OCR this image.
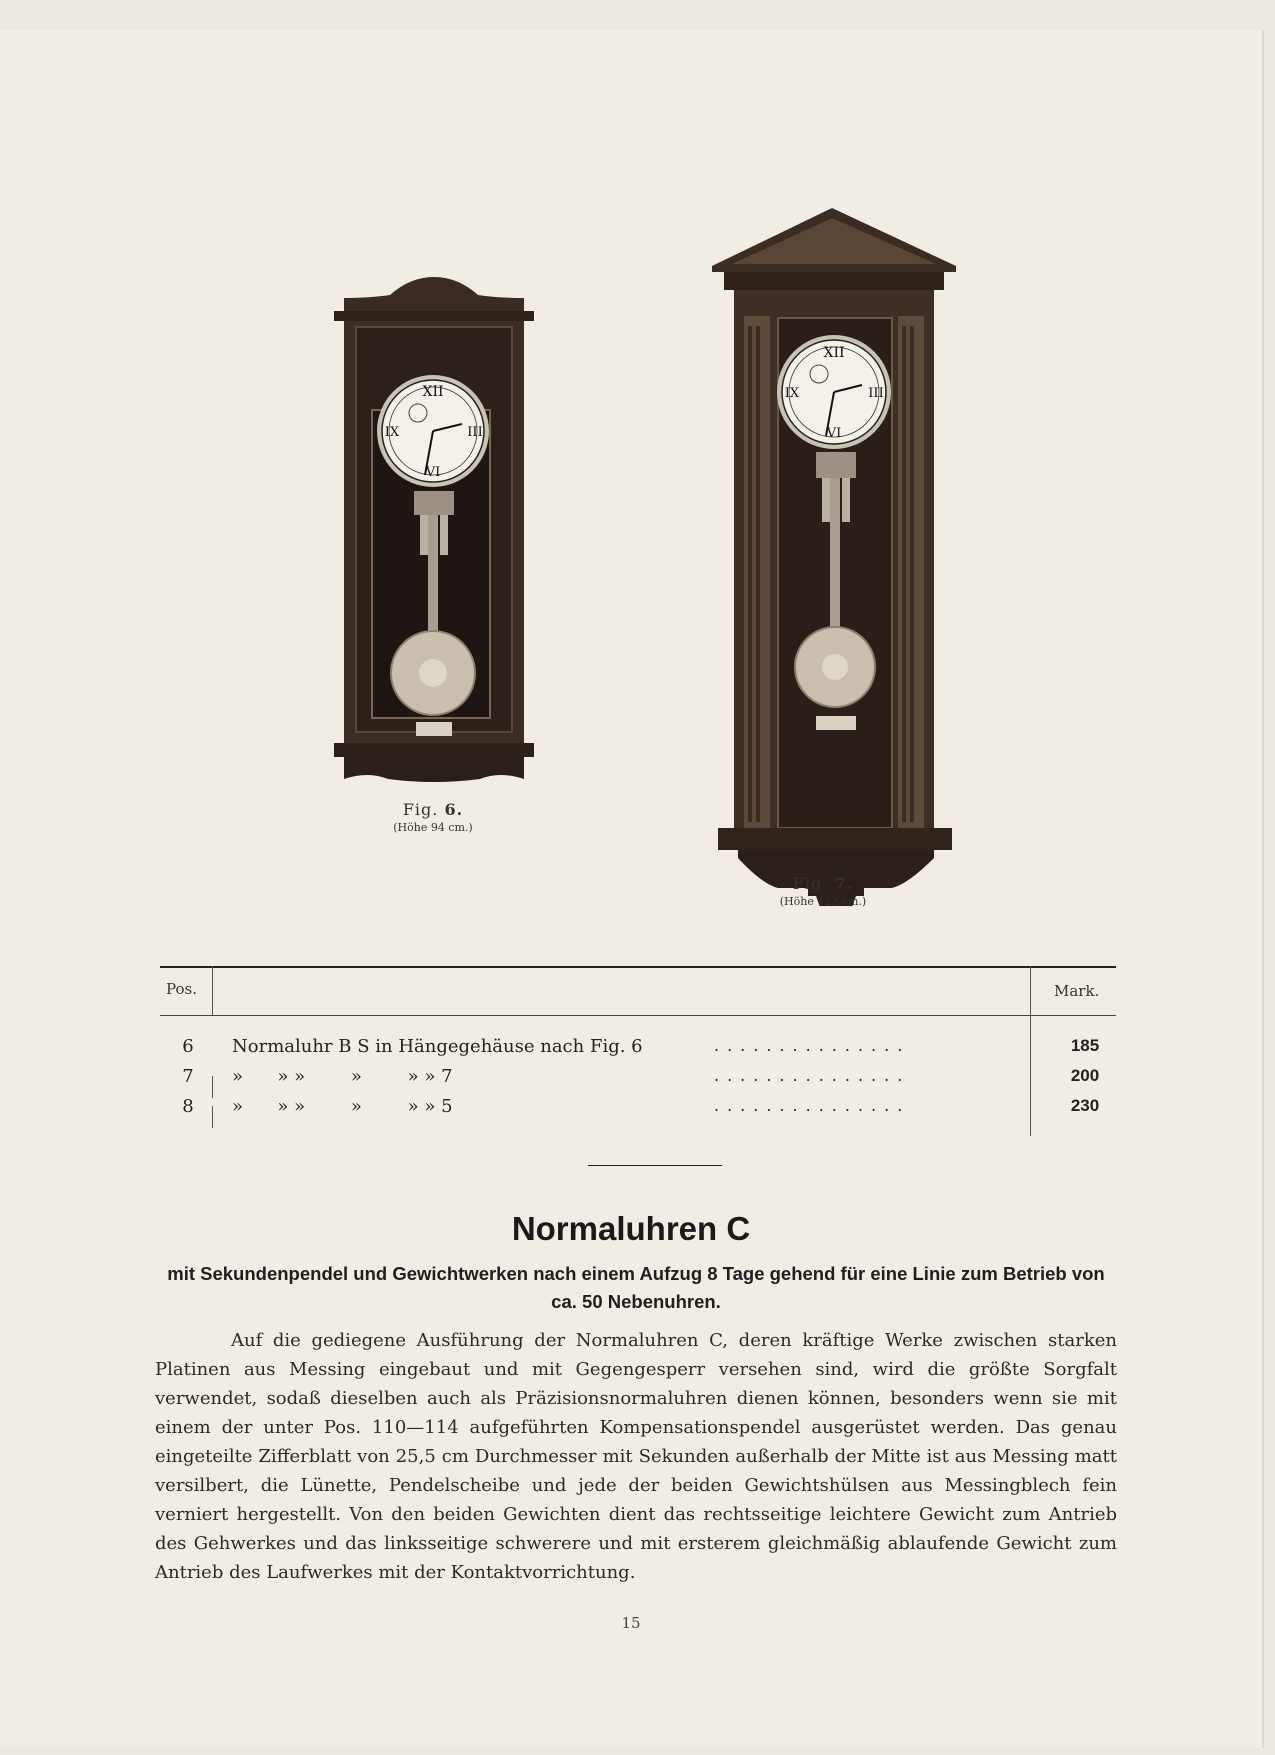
XII
III
VI
IX
Fig. 6.
(Höhe 94 cm.)
XII
III
VI
IX
Fig. 7.
(Höhe 123 cm.)
Pos.	Mark.
6 Normaluhr B S in Hängegehäuse nach Fig. 6	...............	185
7 »      » »        »        » » 7	...............	200
8 »      » »        »        » » 5	...............	230
Normaluhren C
mit Sekundenpendel und Gewichtwerken nach einem Aufzug 8 Tage gehend für eine Linie zum Betrieb von ca. 50 Nebenuhren.
Auf die gediegene Ausführung der Normaluhren C, deren kräftige Werke zwischen starken Platinen aus Messing eingebaut und mit Gegengesperr versehen sind, wird die größte Sorgfalt verwendet, sodaß dieselben auch als Präzisionsnormaluhren dienen können, besonders wenn sie mit einem der unter Pos. 110—114 aufgeführten Kompensationspendel ausgerüstet werden. Das genau eingeteilte Zifferblatt von 25,5 cm Durchmesser mit Sekunden außerhalb der Mitte ist aus Messing matt versilbert, die Lünette, Pendelscheibe und jede der beiden Gewichtshülsen aus Messingblech fein verniert hergestellt. Von den beiden Gewichten dient das rechtsseitige leichtere Gewicht zum Antrieb des Gehwerkes und das linksseitige schwerere und mit ersterem gleichmäßig ablaufende Gewicht zum Antrieb des Laufwerkes mit der Kontaktvorrichtung.
15
